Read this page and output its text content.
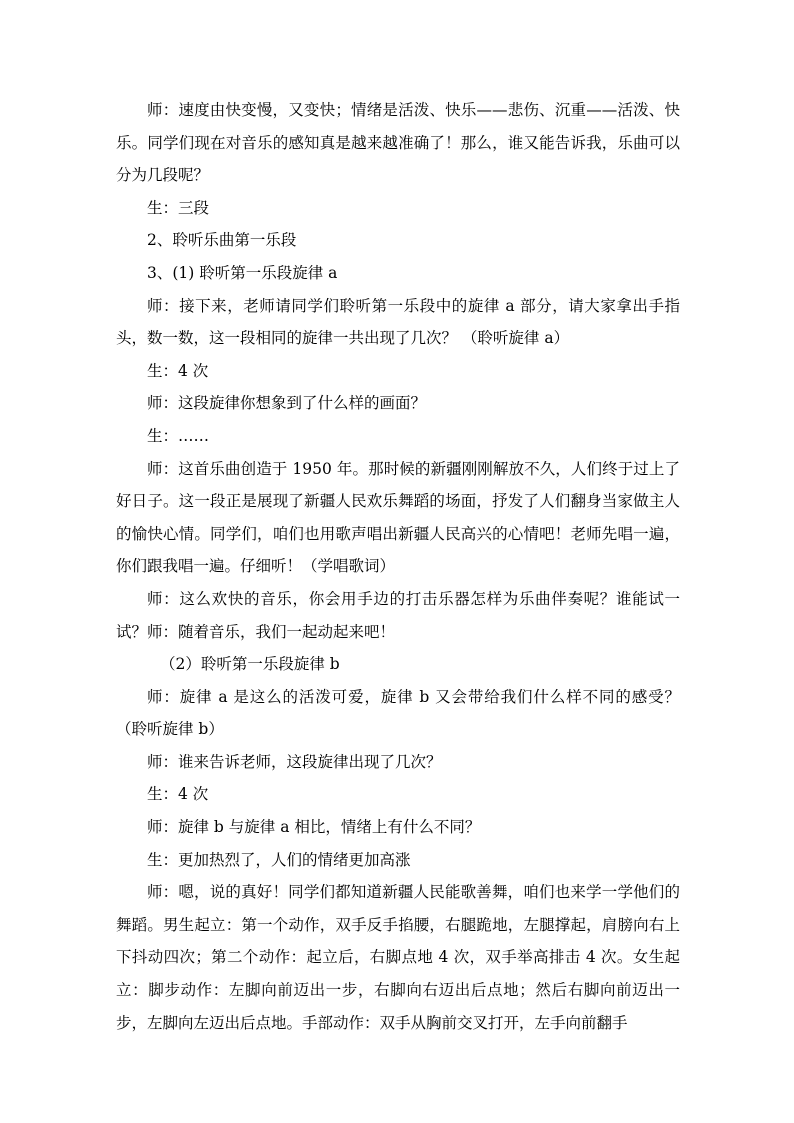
师：速度由快变慢，又变快；情绪是活泼、快乐——悲伤、沉重——活泼、快乐。同学们现在对音乐的感知真是越来越准确了！那么，谁又能告诉我，乐曲可以分为几段呢？

生：三段

2、聆听乐曲第一乐段

3、(1) 聆听第一乐段旋律 a

师：接下来，老师请同学们聆听第一乐段中的旋律 a 部分，请大家拿出手指头，数一数，这一段相同的旋律一共出现了几次？ （聆听旋律 a）

生：4 次

师：这段旋律你想象到了什么样的画面？

生：……

师：这首乐曲创造于 1950 年。那时候的新疆刚刚解放不久，人们终于过上了好日子。这一段正是展现了新疆人民欢乐舞蹈的场面，抒发了人们翻身当家做主人的愉快心情。同学们，咱们也用歌声唱出新疆人民高兴的心情吧！老师先唱一遍，你们跟我唱一遍。仔细听！（学唱歌词）

师：这么欢快的音乐，你会用手边的打击乐器怎样为乐曲伴奏呢？谁能试一试？师：随着音乐，我们一起动起来吧！

（2）聆听第一乐段旋律 b

师：旋律 a 是这么的活泼可爱，旋律 b 又会带给我们什么样不同的感受？（聆听旋律 b）

师：谁来告诉老师，这段旋律出现了几次？

生：4 次

师：旋律 b 与旋律 a 相比，情绪上有什么不同？

生：更加热烈了，人们的情绪更加高涨

师：嗯，说的真好！同学们都知道新疆人民能歌善舞，咱们也来学一学他们的舞蹈。男生起立：第一个动作，双手反手掐腰，右腿跪地，左腿撑起，肩膀向右上下抖动四次；第二个动作：起立后，右脚点地 4 次，双手举高排击 4 次。女生起立：脚步动作：左脚向前迈出一步，右脚向右迈出后点地；然后右脚向前迈出一步，左脚向左迈出后点地。手部动作：双手从胸前交叉打开，左手向前翻手
